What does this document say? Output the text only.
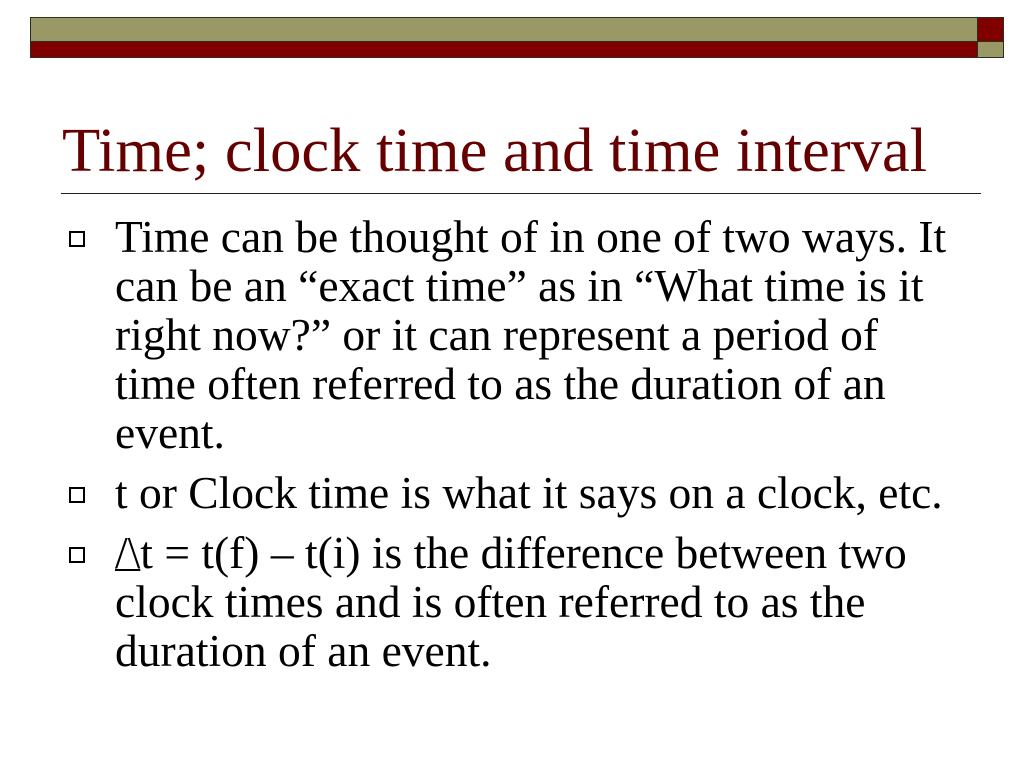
Time; clock time and time interval
Time can be thought of in one of two ways. It
can be an “exact time” as in “What time is it
right now?” or it can represent a period of
time often referred to as the duration of an
event.
t or Clock time is what it says on a clock, etc.
/\t = t(f) – t(i) is the difference between two
clock times and is often referred to as the
duration of an event.
